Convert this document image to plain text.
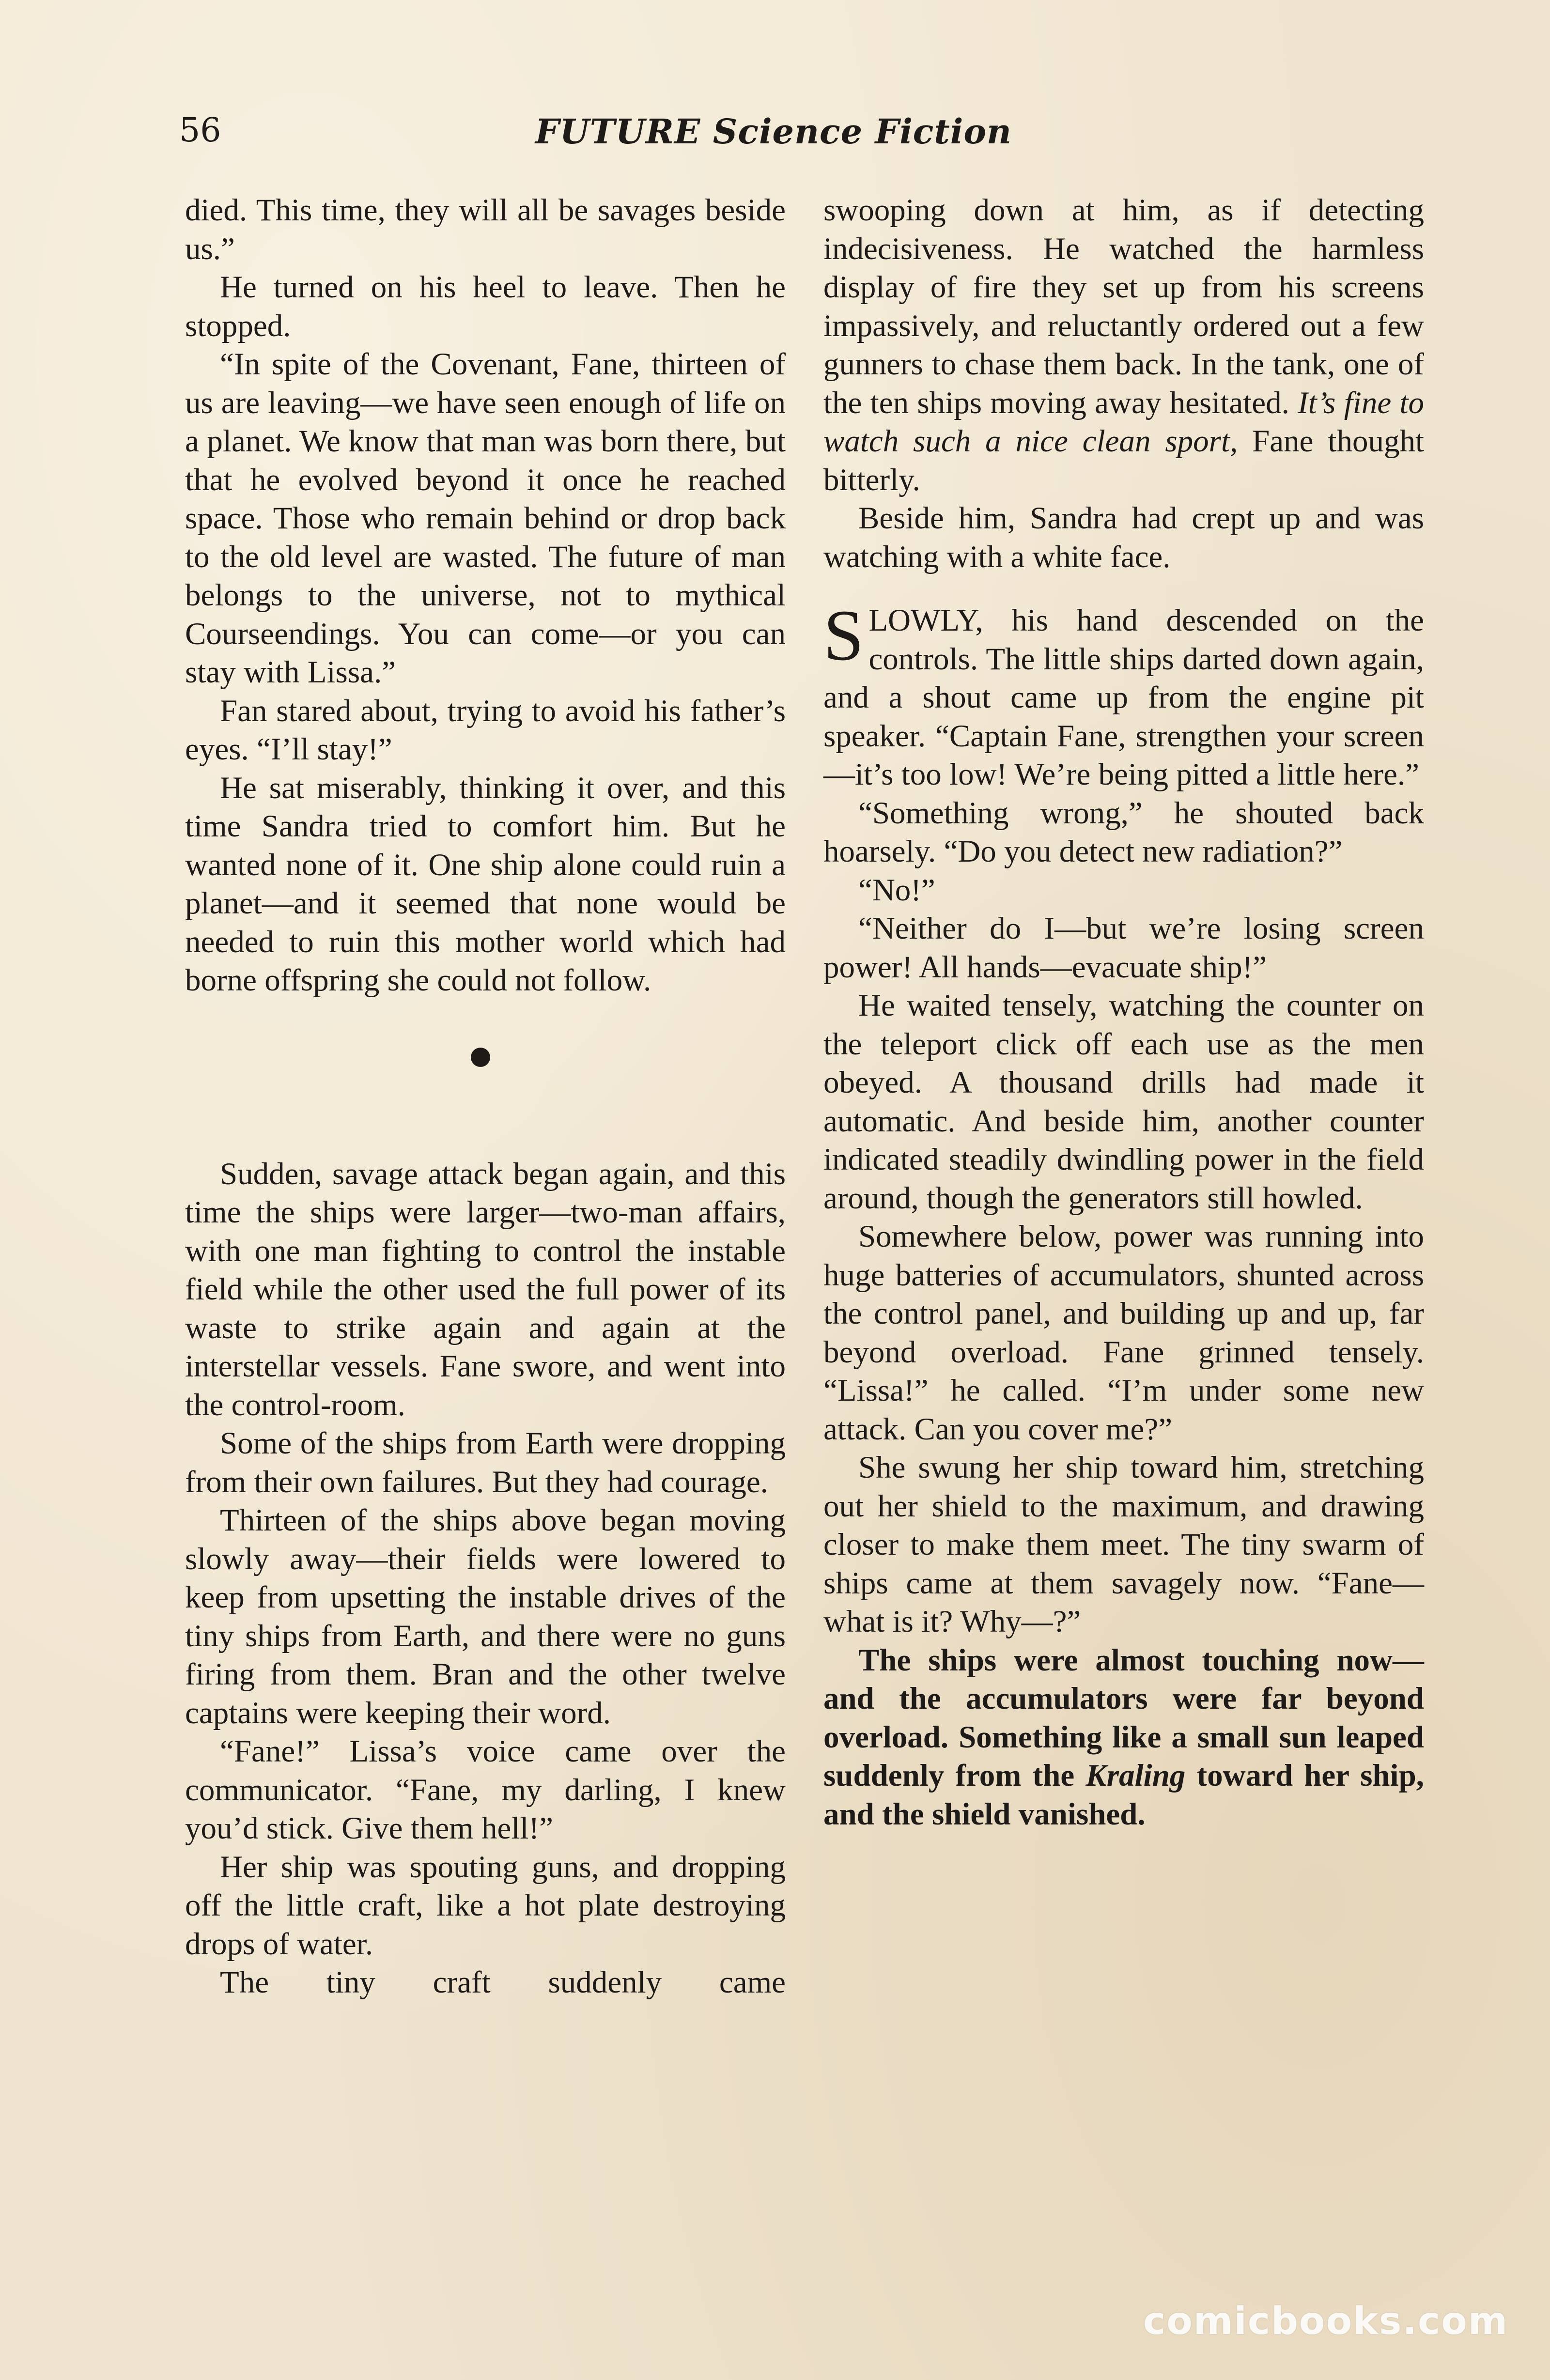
56	FUTURE Science Fiction

died. This time, they will all be savages beside us.”

He turned on his heel to leave. Then he stopped.

“In spite of the Covenant, Fane, thirteen of us are leaving—we have seen enough of life on a planet. We know that man was born there, but that he evolved beyond it once he reached space. Those who remain behind or drop back to the old level are wasted. The future of man belongs to the universe, not to mythical Courseendings. You can come—or you can stay with Lissa.”

Fan stared about, trying to avoid his father’s eyes. “I’ll stay!”

He sat miserably, thinking it over, and this time Sandra tried to comfort him. But he wanted none of it. One ship alone could ruin a planet—and it seemed that none would be needed to ruin this mother world which had borne offspring she could not follow.

Sudden, savage attack began again, and this time the ships were larger—two-man affairs, with one man fighting to control the instable field while the other used the full power of its waste to strike again and again at the interstellar vessels. Fane swore, and went into the control-room.

Some of the ships from Earth were dropping from their own failures. But they had courage.

Thirteen of the ships above began moving slowly away—their fields were lowered to keep from upsetting the instable drives of the tiny ships from Earth, and there were no guns firing from them. Bran and the other twelve captains were keeping their word.

“Fane!” Lissa’s voice came over the communicator. “Fane, my darling, I knew you’d stick. Give them hell!”

Her ship was spouting guns, and dropping off the little craft, like a hot plate destroying drops of water.

The tiny craft suddenly came

swooping down at him, as if detecting indecisiveness. He watched the harmless display of fire they set up from his screens impassively, and reluctantly ordered out a few gunners to chase them back. In the tank, one of the ten ships moving away hesitated. It’s fine to watch such a nice clean sport, Fane thought bitterly.

Beside him, Sandra had crept up and was watching with a white face.

S LOWLY, his hand descended on the controls. The little ships darted down again, and a shout came up from the engine pit speaker. “Captain Fane, strengthen your screen—it’s too low! We’re being pitted a little here.”

“Something wrong,” he shouted back hoarsely. “Do you detect new radiation?”

“No!”

“Neither do I—but we’re losing screen power! All hands—evacuate ship!”

He waited tensely, watching the counter on the teleport click off each use as the men obeyed. A thousand drills had made it automatic. And beside him, another counter indicated steadily dwindling power in the field around, though the generators still howled.

Somewhere below, power was running into huge batteries of accumulators, shunted across the control panel, and building up and up, far beyond overload. Fane grinned tensely. “Lissa!” he called. “I’m under some new attack. Can you cover me?”

She swung her ship toward him, stretching out her shield to the maximum, and drawing closer to make them meet. The tiny swarm of ships came at them savagely now. “Fane—what is it? Why—?”

The ships were almost touching now—and the accumulators were far beyond overload. Something like a small sun leaped suddenly from the Kraling toward her ship, and the shield vanished.

comicbooks.com
